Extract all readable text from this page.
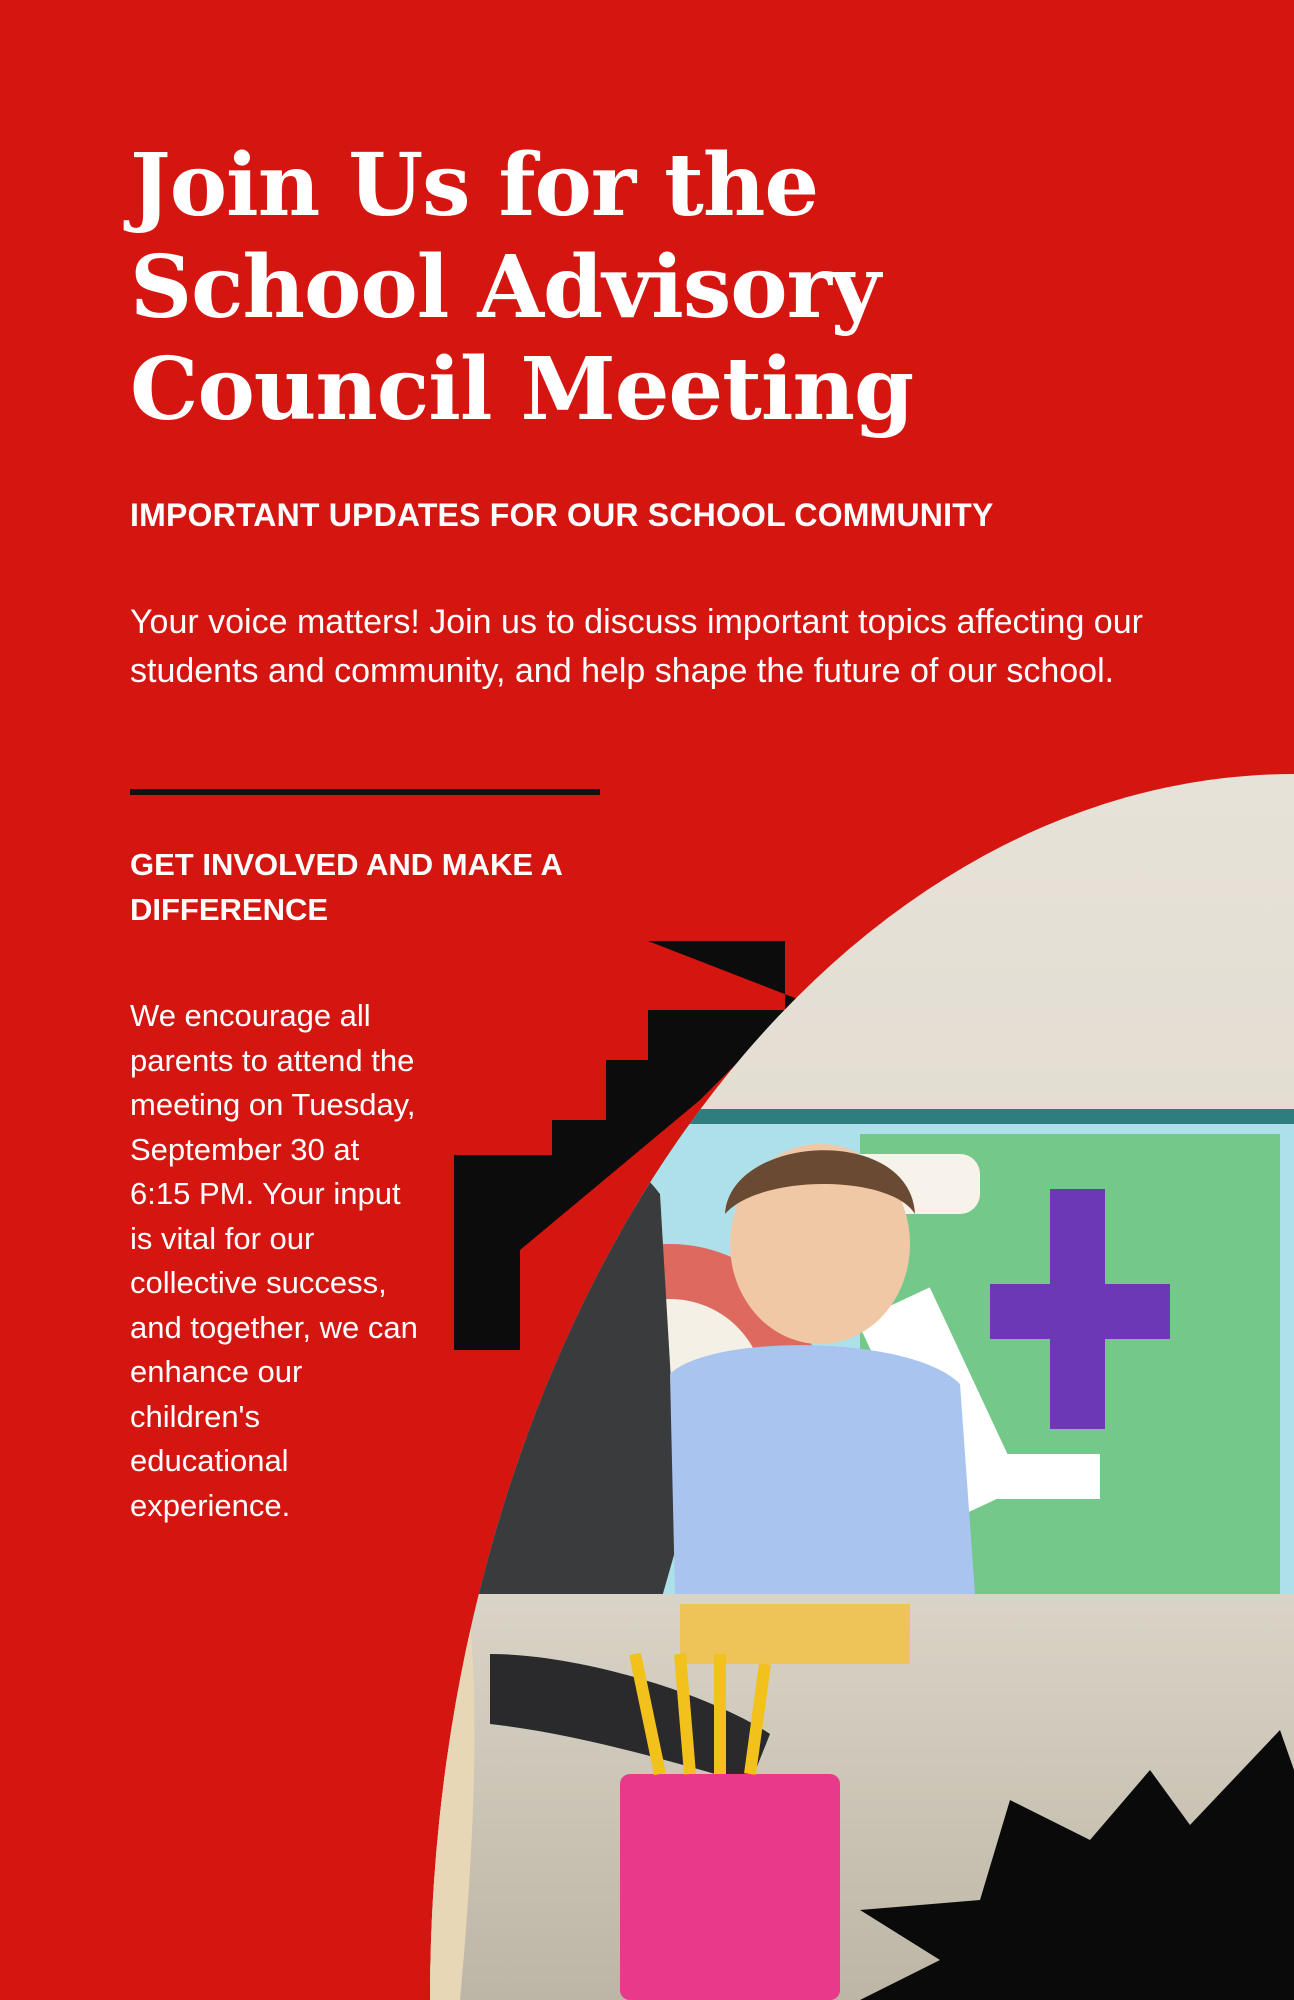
Join Us for the
School Advisory
Council Meeting

IMPORTANT UPDATES FOR OUR SCHOOL COMMUNITY

Your voice matters! Join us to discuss important topics affecting our students and community, and help shape the future of our school.

GET INVOLVED AND MAKE A DIFFERENCE

We encourage all parents to attend the meeting on Tuesday, September 30 at 6:15 PM. Your input is vital for our collective success, and together, we can enhance our children's educational experience.
